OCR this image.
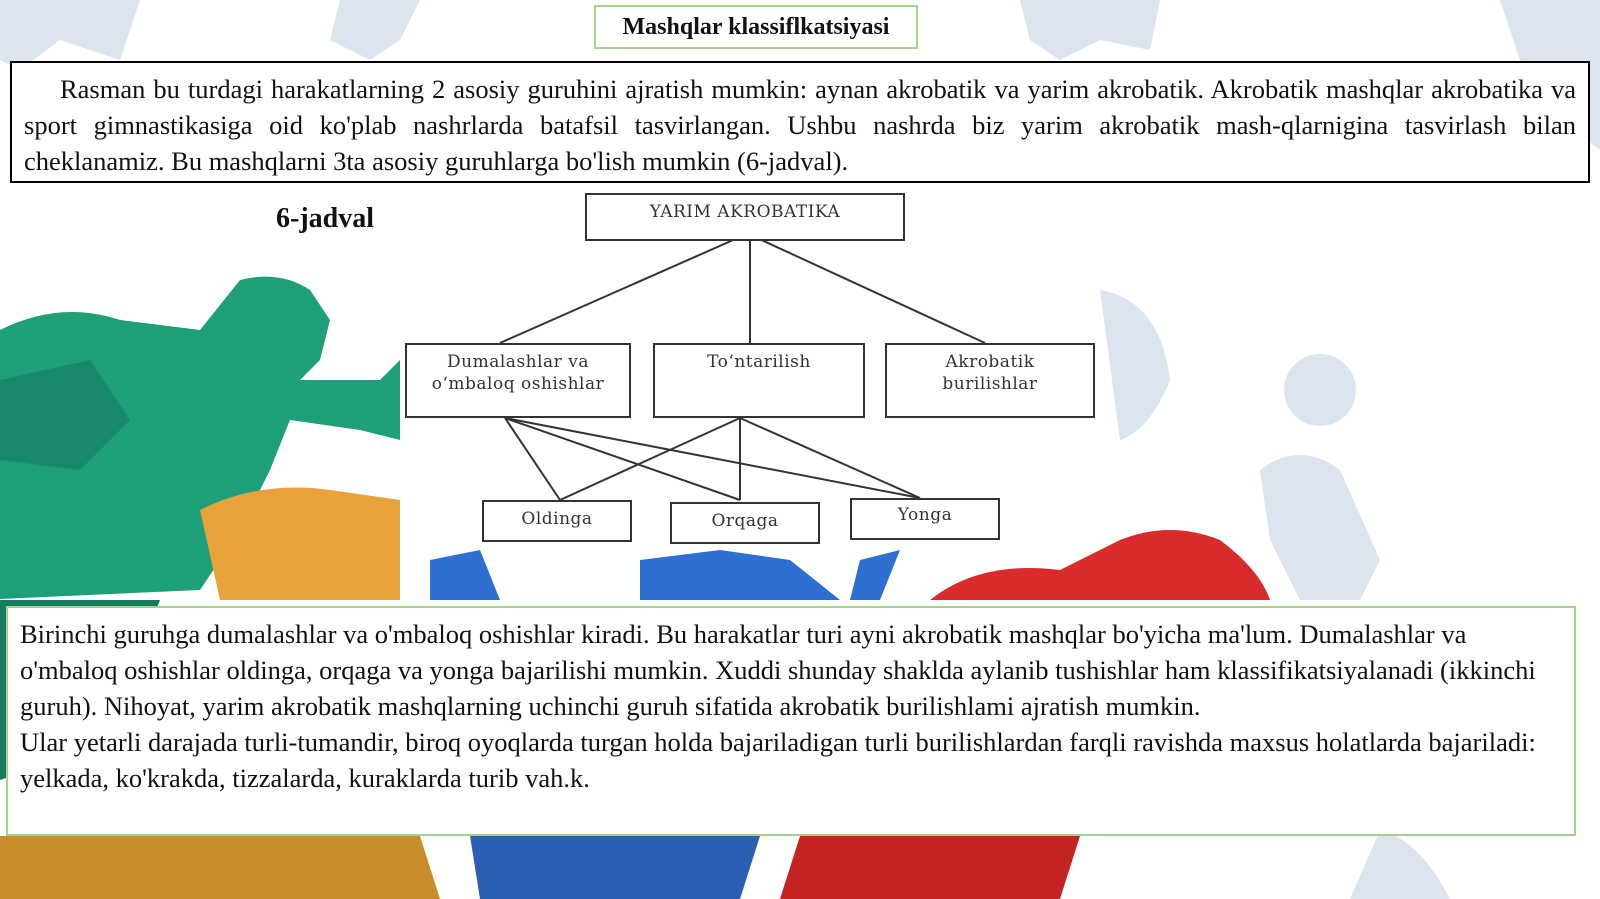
Mashqlar klassiflkatsiyasi

Rasman bu turdagi harakatlarning 2 asosiy guruhini ajratish mumkin: aynan akrobatik va yarim akrobatik. Akrobatik mashqlar akrobatika va sport gimnastikasiga oid ko'plab nashrlarda batafsil tasvirlangan. Ushbu nashrda biz yarim akrobatik mash-qlarnigina tasvirlash bilan cheklanamiz. Bu mashqlarni 3ta asosiy guruhlarga bo'lish mumkin (6-jadval).

6-jadval	YARIM AKROBATIKA
Dumalashlar va o‘mbaloq oshishlar
To‘ntarilish	Akrobatik burilishlar
Oldinga	Orqaga	Yonga

Birinchi guruhga dumalashlar va o'mbaloq oshishlar kiradi. Bu harakatlar turi ayni akrobatik mashqlar bo'yicha ma'lum. Dumalashlar va o'mbaloq oshishlar oldinga, orqaga va yonga bajarilishi mumkin. Xuddi shunday shaklda aylanib tushishlar ham klassifikatsiyalanadi (ikkinchi guruh). Nihoyat, yarim akrobatik mashqlarning uchinchi guruh sifatida akrobatik burilishlami ajratish mumkin.

Ular yetarli darajada turli-tumandir, biroq oyoqlarda turgan holda bajariladigan turli burilishlardan farqli ravishda maxsus holatlarda bajariladi: yelkada, ko'krakda, tizzalarda, kuraklarda turib vah.k.
